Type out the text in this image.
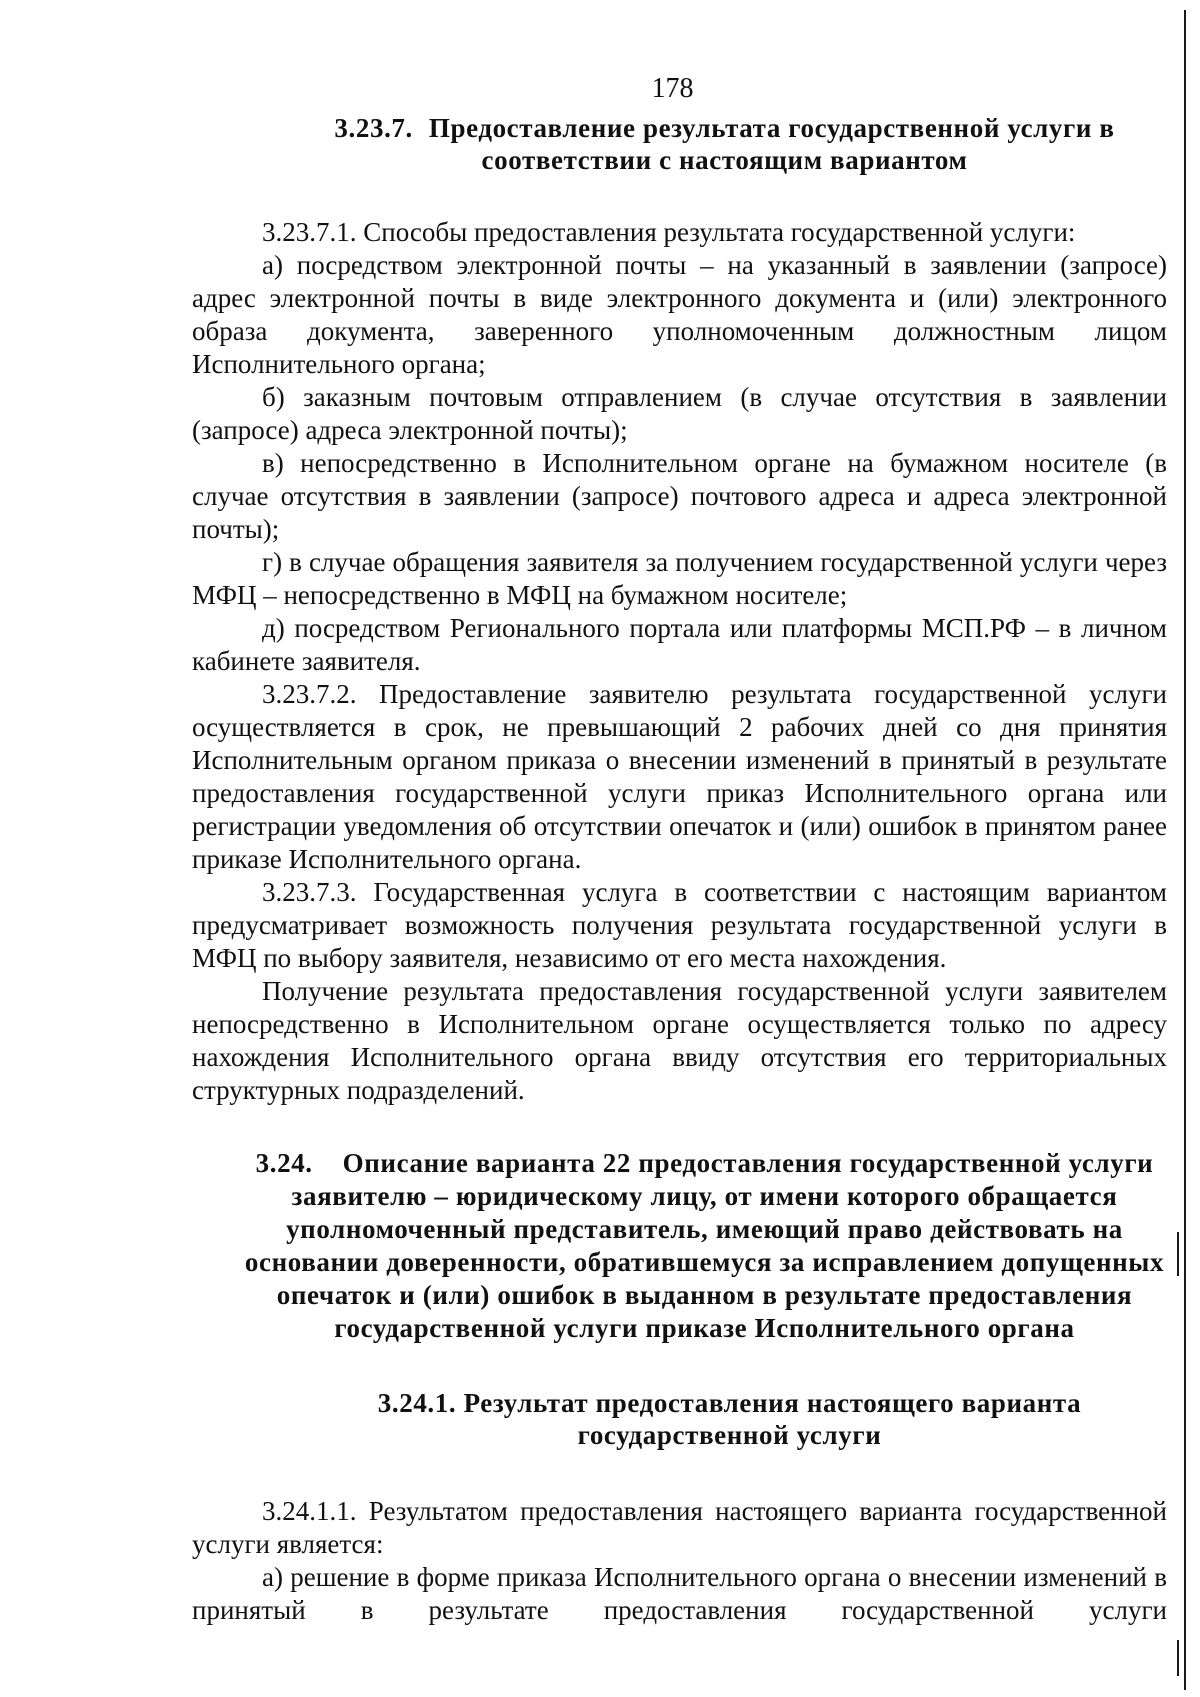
178
3.23.7. Предоставление результата государственной услуги в
соответствии с настоящим вариантом

3.23.7.1. Способы предоставления результата государственной услуги:

а) посредством электронной почты – на указанный в заявлении (запросе) адрес электронной почты в виде электронного документа и (или) электронного образа документа, заверенного уполномоченным должностным лицом Исполнительного органа;

б) заказным почтовым отправлением (в случае отсутствия в заявлении (запросе) адреса электронной почты);

в) непосредственно в Исполнительном органе на бумажном носителе (в случае отсутствия в заявлении (запросе) почтового адреса и адреса электронной почты);

г) в случае обращения заявителя за получением государственной услуги через МФЦ – непосредственно в МФЦ на бумажном носителе;

д) посредством Регионального портала или платформы МСП.РФ – в личном кабинете заявителя.

3.23.7.2. Предоставление заявителю результата государственной услуги осуществляется в срок, не превышающий 2 рабочих дней со дня принятия Исполнительным органом приказа о внесении изменений в принятый в результате предоставления государственной услуги приказ Исполнительного органа или регистрации уведомления об отсутствии опечаток и (или) ошибок в принятом ранее приказе Исполнительного органа.

3.23.7.3. Государственная услуга в соответствии с настоящим вариантом предусматривает возможность получения результата государственной услуги в МФЦ по выбору заявителя, независимо от его места нахождения.

Получение результата предоставления государственной услуги заявителем непосредственно в Исполнительном органе осуществляется только по адресу нахождения Исполнительного органа ввиду отсутствия его территориальных структурных подразделений.

3.24. Описание варианта 22 предоставления государственной услуги
заявителю – юридическому лицу, от имени которого обращается
уполномоченный представитель, имеющий право действовать на
основании доверенности, обратившемуся за исправлением допущенных
опечаток и (или) ошибок в выданном в результате предоставления
государственной услуги приказе Исполнительного органа
3.24.1. Результат предоставления настоящего варианта
государственной услуги

3.24.1.1. Результатом предоставления настоящего варианта государственной услуги является:

а) решение в форме приказа Исполнительного органа о внесении изменений в принятый в результате предоставления государственной услуги
